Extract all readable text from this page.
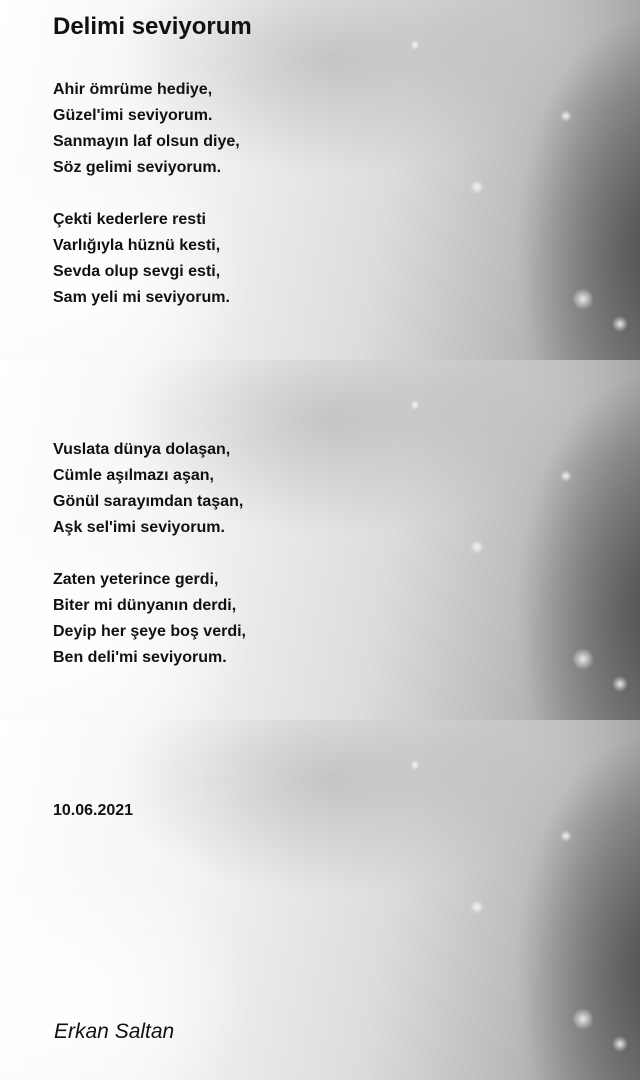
Delimi seviyorum
Ahir ömrüme hediye,
Güzel'imi seviyorum.
Sanmayın laf olsun diye,
Söz gelimi seviyorum.
Çekti kederlere resti
Varlığıyla hüznü kesti,
Sevda olup sevgi esti,
Sam yeli mi seviyorum.
Vuslata dünya dolaşan,
Cümle aşılmazı aşan,
Gönül sarayımdan taşan,
Aşk sel'imi seviyorum.
Zaten yeterince gerdi,
Biter mi dünyanın derdi,
Deyip her şeye boş verdi,
Ben deli'mi seviyorum.
10.06.2021
Erkan Saltan
